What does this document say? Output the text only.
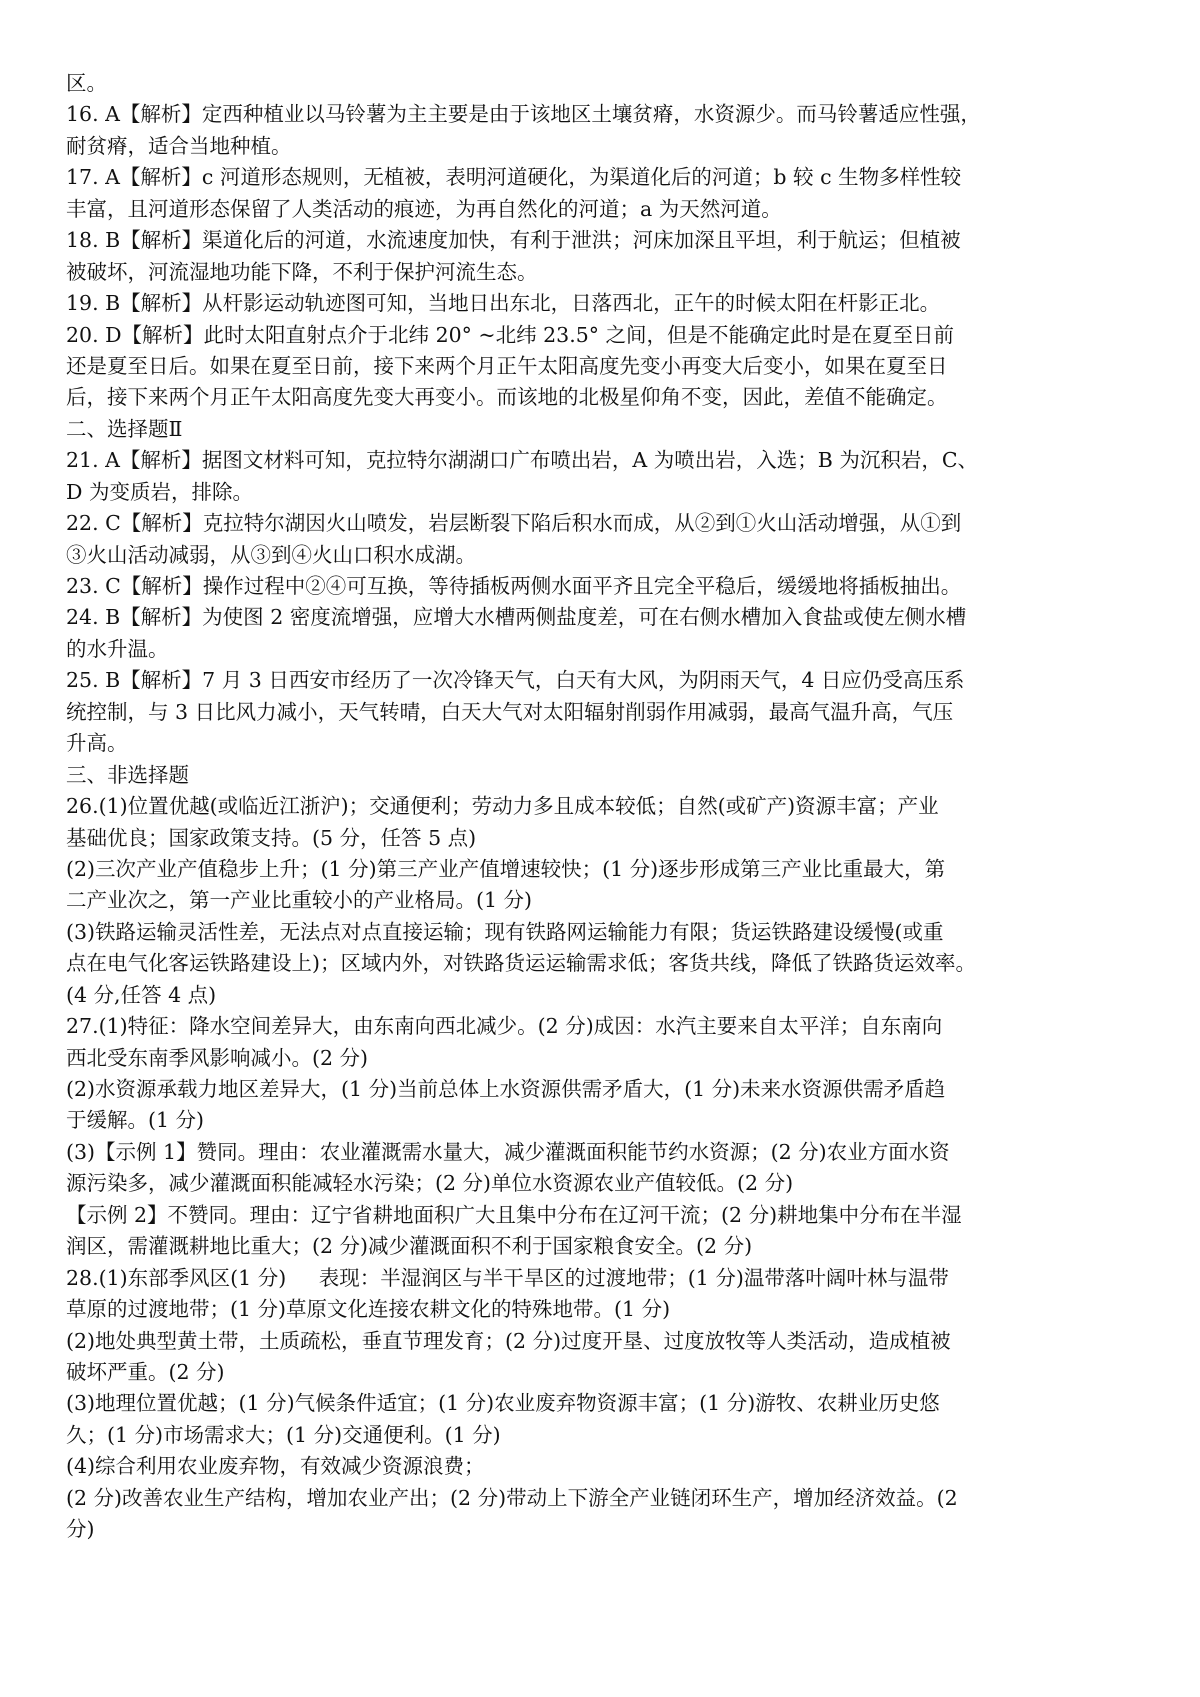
区。
16. A【解析】定西种植业以马铃薯为主主要是由于该地区土壤贫瘠，水资源少。而马铃薯适应性强，
耐贫瘠，适合当地种植。
17. A【解析】c 河道形态规则，无植被，表明河道硬化，为渠道化后的河道；b 较 c 生物多样性较
丰富，且河道形态保留了人类活动的痕迹，为再自然化的河道；a 为天然河道。
18. B【解析】渠道化后的河道，水流速度加快，有利于泄洪；河床加深且平坦，利于航运；但植被
被破坏，河流湿地功能下降，不利于保护河流生态。
19. B【解析】从杆影运动轨迹图可知，当地日出东北，日落西北，正午的时候太阳在杆影正北。
20. D【解析】此时太阳直射点介于北纬 20° ~北纬 23.5° 之间，但是不能确定此时是在夏至日前
还是夏至日后。如果在夏至日前，接下来两个月正午太阳高度先变小再变大后变小，如果在夏至日
后，接下来两个月正午太阳高度先变大再变小。而该地的北极星仰角不变，因此，差值不能确定。
二、选择题Ⅱ
21. A【解析】据图文材料可知，克拉特尔湖湖口广布喷出岩，A 为喷出岩，入选；B 为沉积岩，C、
D 为变质岩，排除。
22. C【解析】克拉特尔湖因火山喷发，岩层断裂下陷后积水而成，从②到①火山活动增强，从①到
③火山活动减弱，从③到④火山口积水成湖。
23. C【解析】操作过程中②④可互换，等待插板两侧水面平齐且完全平稳后，缓缓地将插板抽出。
24. B【解析】为使图 2 密度流增强，应增大水槽两侧盐度差，可在右侧水槽加入食盐或使左侧水槽
的水升温。
25. B【解析】7 月 3 日西安市经历了一次冷锋天气，白天有大风，为阴雨天气，4 日应仍受高压系
统控制，与 3 日比风力减小，天气转晴，白天大气对太阳辐射削弱作用减弱，最高气温升高，气压
升高。
三、非选择题
26.(1)位置优越(或临近江浙沪)；交通便利；劳动力多且成本较低；自然(或矿产)资源丰富；产业
基础优良；国家政策支持。(5 分，任答 5 点)
(2)三次产业产值稳步上升；(1 分)第三产业产值增速较快；(1 分)逐步形成第三产业比重最大，第
二产业次之，第一产业比重较小的产业格局。(1 分)
(3)铁路运输灵活性差，无法点对点直接运输；现有铁路网运输能力有限；货运铁路建设缓慢(或重
点在电气化客运铁路建设上)；区域内外，对铁路货运运输需求低；客货共线，降低了铁路货运效率。
(4 分,任答 4 点)
27.(1)特征：降水空间差异大，由东南向西北减少。(2 分)成因：水汽主要来自太平洋；自东南向
西北受东南季风影响减小。(2 分)
(2)水资源承载力地区差异大，(1 分)当前总体上水资源供需矛盾大，(1 分)未来水资源供需矛盾趋
于缓解。(1 分)
(3)【示例 1】赞同。理由：农业灌溉需水量大，减少灌溉面积能节约水资源；(2 分)农业方面水资
源污染多，减少灌溉面积能减轻水污染；(2 分)单位水资源农业产值较低。(2 分)
【示例 2】不赞同。理由：辽宁省耕地面积广大且集中分布在辽河干流；(2 分)耕地集中分布在半湿
润区，需灌溉耕地比重大；(2 分)减少灌溉面积不利于国家粮食安全。(2 分)
28.(1)东部季风区(1 分)     表现：半湿润区与半干旱区的过渡地带；(1 分)温带落叶阔叶林与温带
草原的过渡地带；(1 分)草原文化连接农耕文化的特殊地带。(1 分)
(2)地处典型黄土带，土质疏松，垂直节理发育；(2 分)过度开垦、过度放牧等人类活动，造成植被
破坏严重。(2 分)
(3)地理位置优越；(1 分)气候条件适宜；(1 分)农业废弃物资源丰富；(1 分)游牧、农耕业历史悠
久；(1 分)市场需求大；(1 分)交通便利。(1 分)
(4)综合利用农业废弃物，有效减少资源浪费；
(2 分)改善农业生产结构，增加农业产出；(2 分)带动上下游全产业链闭环生产，增加经济效益。(2
分)
